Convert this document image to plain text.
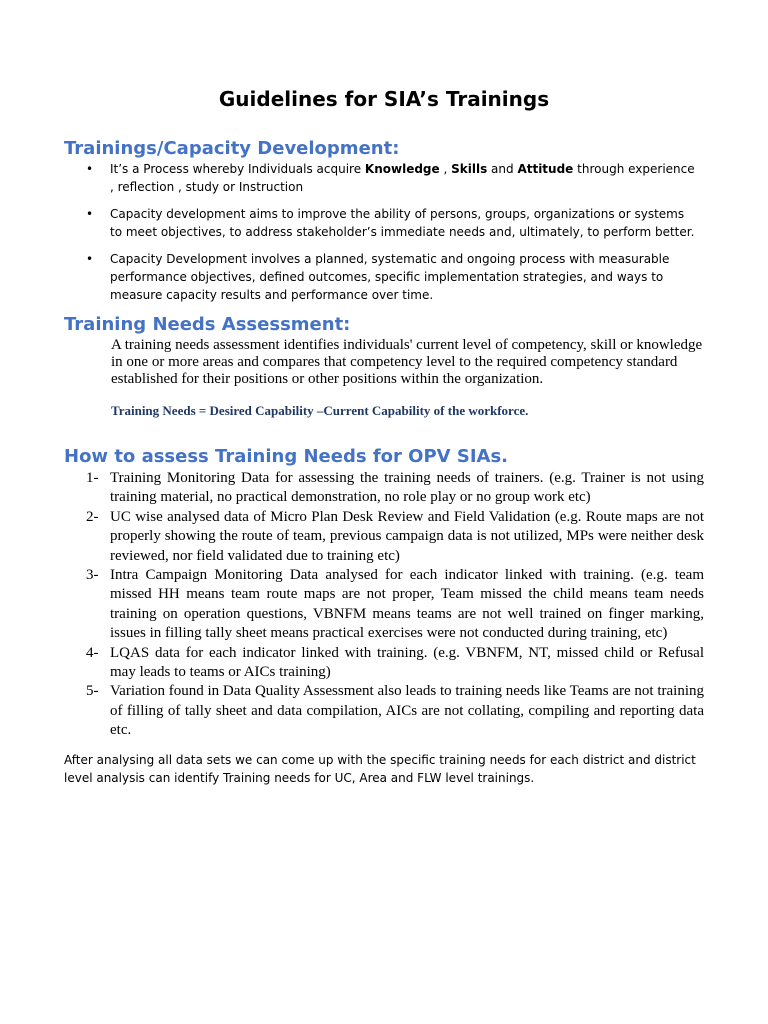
Guidelines for SIA’s Trainings
Trainings/Capacity Development:
• It’s a Process whereby Individuals acquire Knowledge , Skills and Attitude through experience , reflection , study or Instruction
• Capacity development aims to improve the ability of persons, groups, organizations or systems to meet objectives, to address stakeholder’s immediate needs and, ultimately, to perform better.
• Capacity Development involves a planned, systematic and ongoing process with measurable performance objectives, defined outcomes, specific implementation strategies, and ways to measure capacity results and performance over time.
Training Needs Assessment:

A training needs assessment identifies individuals' current level of competency, skill or knowledge in one or more areas and compares that competency level to the required competency standard established for their positions or other positions within the organization.

Training Needs = Desired Capability –Current Capability of the workforce.

How to assess Training Needs for OPV SIAs.
1- Training Monitoring Data for assessing the training needs of trainers. (e.g. Trainer is not using training material, no practical demonstration, no role play or no group work etc)
2- UC wise analysed data of Micro Plan Desk Review and Field Validation (e.g. Route maps are not properly showing the route of team, previous campaign data is not utilized, MPs were neither desk reviewed, nor field validated due to training etc)
3- Intra Campaign Monitoring Data analysed for each indicator linked with training. (e.g. team missed HH means team route maps are not proper, Team missed the child means team needs training on operation questions, VBNFM means teams are not well trained on finger marking, issues in filling tally sheet means practical exercises were not conducted during training, etc)
4- LQAS data for each indicator linked with training. (e.g. VBNFM, NT, missed child or Refusal may leads to teams or AICs training)
5- Variation found in Data Quality Assessment also leads to training needs like Teams are not training of filling of tally sheet and data compilation, AICs are not collating, compiling and reporting data etc.

After analysing all data sets we can come up with the specific training needs for each district and district level analysis can identify Training needs for UC, Area and FLW level trainings.
